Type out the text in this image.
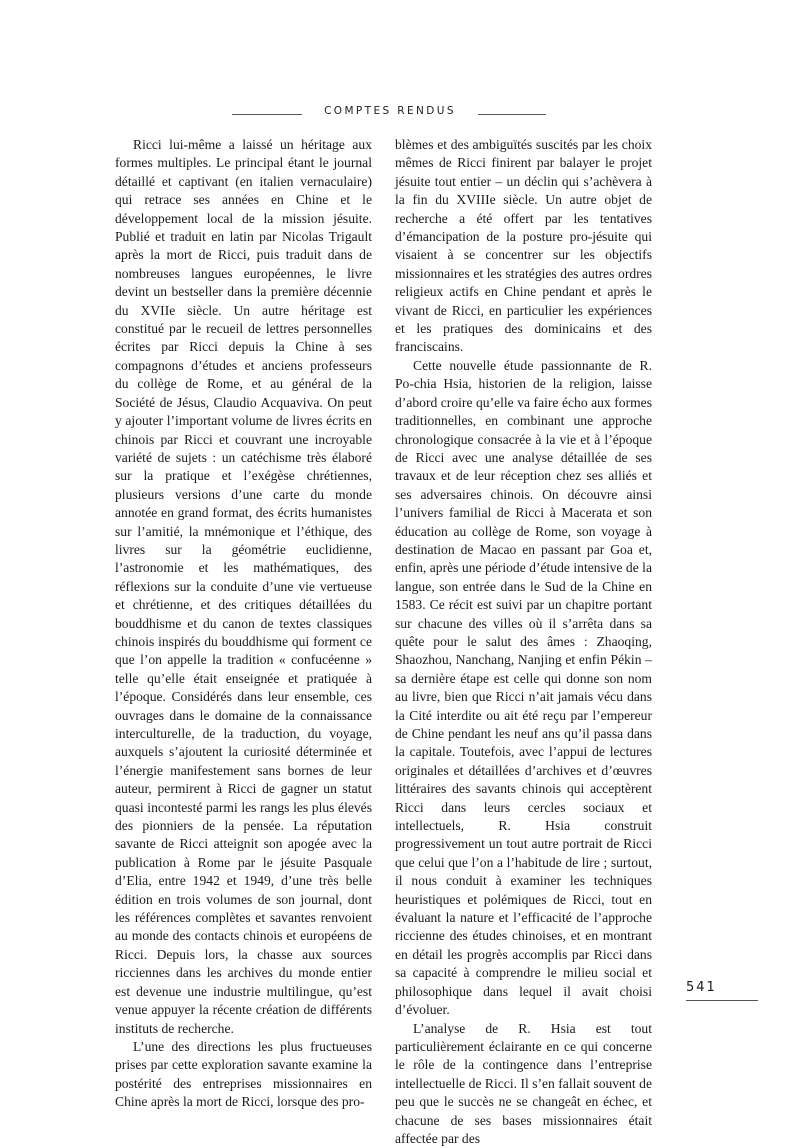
COMPTES RENDUS

Ricci lui-même a laissé un héritage aux formes multiples. Le principal étant le journal détaillé et captivant (en italien vernaculaire) qui retrace ses années en Chine et le développement local de la mission jésuite. Publié et traduit en latin par Nicolas Trigault après la mort de Ricci, puis traduit dans de nombreuses langues européennes, le livre devint un bestseller dans la première décennie du XVIIe siècle. Un autre héritage est constitué par le recueil de lettres personnelles écrites par Ricci depuis la Chine à ses compagnons d’études et anciens professeurs du collège de Rome, et au général de la Société de Jésus, Claudio Acquaviva. On peut y ajouter l’important volume de livres écrits en chinois par Ricci et couvrant une incroyable variété de sujets : un catéchisme très élaboré sur la pratique et l’exégèse chrétiennes, plusieurs versions d’une carte du monde annotée en grand format, des écrits humanistes sur l’amitié, la mnémonique et l’éthique, des livres sur la géométrie euclidienne, l’astronomie et les mathématiques, des réflexions sur la conduite d’une vie vertueuse et chrétienne, et des critiques détaillées du bouddhisme et du canon de textes classiques chinois inspirés du bouddhisme qui forment ce que l’on appelle la tradition « confucéenne » telle qu’elle était enseignée et pratiquée à l’époque. Considérés dans leur ensemble, ces ouvrages dans le domaine de la connaissance interculturelle, de la traduction, du voyage, auxquels s’ajoutent la curiosité déterminée et l’énergie manifestement sans bornes de leur auteur, permirent à Ricci de gagner un statut quasi incontesté parmi les rangs les plus élevés des pionniers de la pensée. La réputation savante de Ricci atteignit son apogée avec la publication à Rome par le jésuite Pasquale d’Elia, entre 1942 et 1949, d’une très belle édition en trois volumes de son journal, dont les références complètes et savantes renvoient au monde des contacts chinois et européens de Ricci. Depuis lors, la chasse aux sources ricciennes dans les archives du monde entier est devenue une industrie multilingue, qu’est venue appuyer la récente création de différents instituts de recherche.

L’une des directions les plus fructueuses prises par cette exploration savante examine la postérité des entreprises missionnaires en Chine après la mort de Ricci, lorsque des pro-

blèmes et des ambiguïtés suscités par les choix mêmes de Ricci finirent par balayer le projet jésuite tout entier – un déclin qui s’achèvera à la fin du XVIIIe siècle. Un autre objet de recherche a été offert par les tentatives d’émancipation de la posture pro-jésuite qui visaient à se concentrer sur les objectifs missionnaires et les stratégies des autres ordres religieux actifs en Chine pendant et après le vivant de Ricci, en particulier les expériences et les pratiques des dominicains et des franciscains.

Cette nouvelle étude passionnante de R. Po-chia Hsia, historien de la religion, laisse d’abord croire qu’elle va faire écho aux formes traditionnelles, en combinant une approche chronologique consacrée à la vie et à l’époque de Ricci avec une analyse détaillée de ses travaux et de leur réception chez ses alliés et ses adversaires chinois. On découvre ainsi l’univers familial de Ricci à Macerata et son éducation au collège de Rome, son voyage à destination de Macao en passant par Goa et, enfin, après une période d’étude intensive de la langue, son entrée dans le Sud de la Chine en 1583. Ce récit est suivi par un chapitre portant sur chacune des villes où il s’arrêta dans sa quête pour le salut des âmes : Zhaoqing, Shaozhou, Nanchang, Nanjing et enfin Pékin – sa dernière étape est celle qui donne son nom au livre, bien que Ricci n’ait jamais vécu dans la Cité interdite ou ait été reçu par l’empereur de Chine pendant les neuf ans qu’il passa dans la capitale. Toutefois, avec l’appui de lectures originales et détaillées d’archives et d’œuvres littéraires des savants chinois qui acceptèrent Ricci dans leurs cercles sociaux et intellectuels, R. Hsia construit progressivement un tout autre portrait de Ricci que celui que l’on a l’habitude de lire ; surtout, il nous conduit à examiner les techniques heuristiques et polémiques de Ricci, tout en évaluant la nature et l’efficacité de l’approche riccienne des études chinoises, et en montrant en détail les progrès accomplis par Ricci dans sa capacité à comprendre le milieu social et philosophique dans lequel il avait choisi d’évoluer.

L’analyse de R. Hsia est tout particulièrement éclairante en ce qui concerne le rôle de la contingence dans l’entreprise intellectuelle de Ricci. Il s’en fallait souvent de peu que le succès ne se changeât en échec, et chacune de ses bases missionnaires était affectée par des

541
